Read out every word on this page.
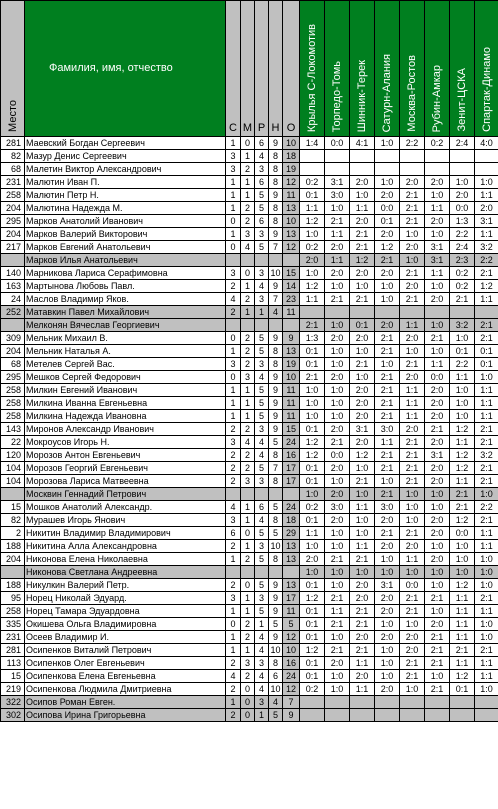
Место	Фамилия, имя, отчество	С	М	Р	Н	О	Крылья С-Локомотив	Торпедо-Томь	Шинник-Терек	Сатурн-Алания	Москва-Ростов	Рубин-Амкар	Зенит-ЦСКА	Спартак-Динамо

281	Маевский Богдан Сергеевич	1	0	6	9	10	1:4	0:0	4:1	1:0	2:2	0:2	2:4	4:0
82	Мазур Денис Сергеевич	3	1	4	8	18								
68	Малетин Виктор Александрович	3	2	3	8	19								
231	Малютин Иван П.	1	1	6	8	12	0:2	3:1	2:0	1:0	2:0	2:0	1:0	1:0
258	Малютин Петр Н.	1	1	5	9	11	0:1	3:0	1:0	2:0	2:1	1:0	2:0	1:1
204	Малютина Надежда М.	1	2	5	8	13	1:1	1:0	1:1	0:0	2:1	1:1	0:0	2:0
295	Марков Анатолий Иванович	0	2	6	8	10	1:2	2:1	2:0	0:1	2:1	2:0	1:3	3:1
204	Марков Валерий Викторович	1	3	3	9	13	1:0	1:1	2:1	2:0	1:0	1:0	2:2	1:1
217	Марков Евгений Анатольевич	0	4	5	7	12	0:2	2:0	2:1	1:2	2:0	3:1	2:4	3:2
	Марков Илья Анатольевич						2:0	1:1	1:2	2:1	1:0	3:1	2:3	2:2
140	Марникова Лариса Серафимовна	3	0	3	10	15	1:0	2:0	2:0	2:0	2:1	1:1	0:2	2:1
163	Мартынова Любовь Павл.	2	1	4	9	14	1:2	1:0	1:0	1:0	2:0	1:0	0:2	1:2
24	Маслов Владимир Яков.	4	2	3	7	23	1:1	2:1	2:1	1:0	2:1	2:0	2:1	1:1
252	Матавкин Павел Михайлович	2	1	1	4	11								
	Мелконян Вячеслав Георгиевич						2:1	1:0	0:1	2:0	1:1	1:0	3:2	2:1
309	Мельник Михаил В.	0	2	5	9	9	1:3	2:0	2:0	2:1	2:0	2:1	1:0	2:1
204	Мельник Наталья А.	1	2	5	8	13	0:1	1:0	1:0	2:1	1:0	1:0	0:1	0:1
68	Метелев Сергей Вас.	3	2	3	8	19	0:1	1:0	2:1	1:0	2:1	1:1	2:2	0:1
295	Мешков Сергей Федорович	0	3	4	9	10	2:1	2:0	1:0	2:1	2:0	0:0	1:1	1:0
258	Милкин Евгений Иванович	1	1	5	9	11	1:0	1:0	2:0	2:1	1:1	2:0	1:0	1:1
258	Милкина Иванна Евгеньевна	1	1	5	9	11	1:0	1:0	2:0	2:1	1:1	2:0	1:0	1:1
258	Милкина Надежда Ивановна	1	1	5	9	11	1:0	1:0	2:0	2:1	1:1	2:0	1:0	1:1
143	Миронов Александр Иванович	2	2	3	9	15	0:1	2:0	3:1	3:0	2:0	2:1	1:2	2:1
22	Мокроусов Игорь Н.	3	4	4	5	24	1:2	2:1	2:0	1:1	2:1	2:0	1:1	2:1
120	Морозов Антон Евгеньевич	2	2	4	8	16	1:2	0:0	1:2	2:1	2:1	3:1	1:2	3:2
104	Морозов Георгий Евгеньевич	2	2	5	7	17	0:1	2:0	1:0	2:1	2:1	2:0	1:2	2:1
104	Морозова Лариса Матвеевна	2	3	3	8	17	0:1	1:0	2:1	1:0	2:1	2:0	1:1	2:1
	Москвин Геннадий Петрович						1:0	2:0	1:0	2:1	1:0	1:0	2:1	1:0
15	Мошков Анатолий Александр.	4	1	6	5	24	0:2	3:0	1:1	3:0	1:0	1:0	2:1	2:2
82	Мурашев Игорь Янович	3	1	4	8	18	0:1	2:0	1:0	2:0	1:0	2:0	1:2	2:1
2	Никитин Владимир Владимирович	6	0	5	5	29	1:1	1:0	1:0	2:1	2:1	2:0	0:0	1:1
188	Никитина Алла Александровна	2	1	3	10	13	1:0	1:0	1:1	2:0	2:0	1:0	1:0	1:1
204	Никонова Елена Николаевна	1	2	5	8	13	2:0	2:1	2:1	1:0	1:1	2:0	1:0	1:0
	Никонова Светлана Андреевна						1:0	1:0	1:0	1:0	1:0	1:0	1:0	1:0
188	Никулкин Валерий Петр.	2	0	5	9	13	0:1	1:0	2:0	3:1	0:0	1:0	1:2	1:0
95	Норец Николай Эдуард.	3	1	3	9	17	1:2	2:1	2:0	2:0	2:1	2:1	1:1	2:1
258	Норец Тамара Эдуардовна	1	1	5	9	11	0:1	1:1	2:1	2:0	2:1	1:0	1:1	1:1
335	Окишева Ольга Владимировна	0	2	1	5	5	0:1	2:1	2:1	1:0	1:0	2:0	1:1	1:0
231	Осеев Владимир И.	1	2	4	9	12	0:1	1:0	2:0	2:0	2:0	2:1	1:1	1:0
281	Осипенков Виталий Петрович	1	1	4	10	10	1:2	2:1	2:1	1:0	2:0	2:1	2:1	2:1
113	Осипенков Олег Евгеньевич	2	3	3	8	16	0:1	2:0	1:1	1:0	2:1	2:1	1:1	1:1
15	Осипенкова Елена Евгеньевна	4	2	4	6	24	0:1	1:0	2:0	1:0	2:1	1:0	1:2	1:1
219	Осипенкова Людмила Дмитриевна	2	0	4	10	12	0:2	1:0	1:1	2:0	1:0	2:1	0:1	1:0
322	Осипов Роман Евген.	1	0	3	4	7								
302	Осипова Ирина Григорьевна	2	0	1	5	9								
